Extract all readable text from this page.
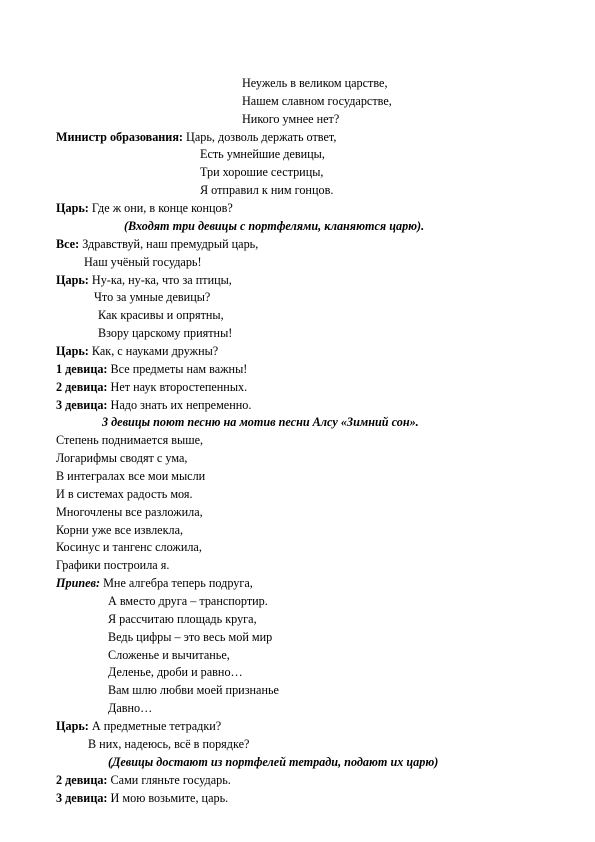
Неужель в великом царстве,
Нашем славном государстве,
Никого умнее нет?
Министр образования: Царь, дозволь держать ответ,
Есть умнейшие девицы,
Три хорошие сестрицы,
Я отправил к ним гонцов.
Царь: Где ж они, в конце концов?
(Входят три девицы с портфелями, кланяются царю).
Все: Здравствуй, наш премудрый царь,
Наш учёный государь!
Царь: Ну-ка, ну-ка, что за птицы,
Что за умные девицы?
Как красивы и опрятны,
Взору царскому приятны!
Царь: Как, с науками дружны?
1 девица: Все предметы нам важны!
2 девица: Нет наук второстепенных.
3 девица: Надо знать их непременно.
3 девицы поют песню на мотив песни Алсу «Зимний сон».
Степень поднимается выше,
Логарифмы сводят с ума,
В интегралах все мои мысли
И в системах радость моя.
Многочлены все разложила,
Корни уже все извлекла,
Косинус и тангенс сложила,
Графики построила я.
Припев: Мне алгебра теперь подруга,
А вместо друга – транспортир.
Я рассчитаю площадь круга,
Ведь цифры – это весь мой мир
Сложенье и вычитанье,
Деленье, дроби и равно…
Вам шлю любви моей признанье
Давно…
Царь: А предметные тетрадки?
В них, надеюсь, всё в порядке?
(Девицы достают из портфелей тетради, подают их царю)
2 девица: Сами гляньте государь.
3 девица: И мою возьмите, царь.
